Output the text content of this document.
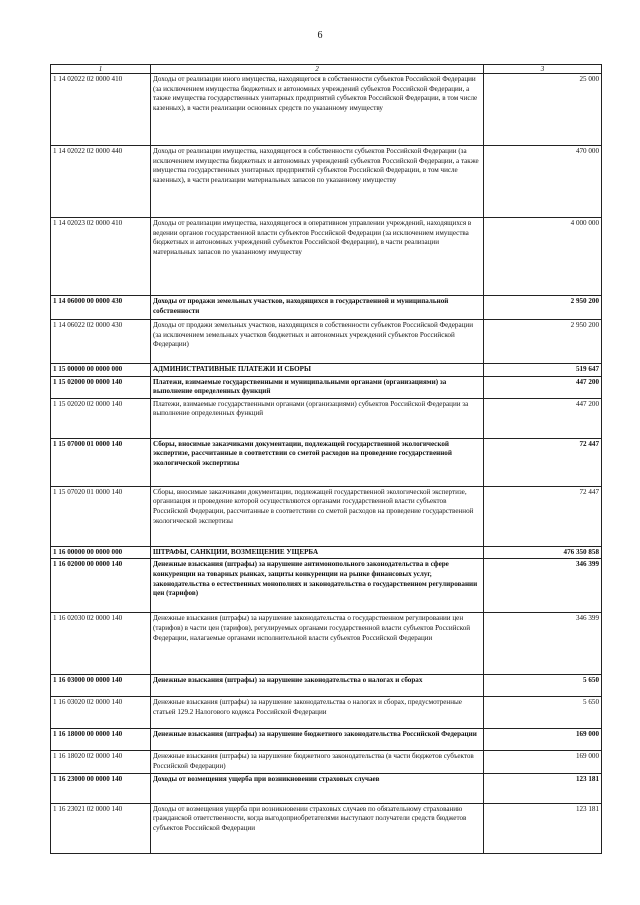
6
1	2	3
1 14 02022 02 0000 410	Доходы от реализации иного имущества, находящегося в собственности субъектов Российской Федерации (за исключением имущества бюджетных и автономных учреждений субъектов Российской Федерации, а также имущества государственных унитарных предприятий субъектов Российской Федерации, в том числе казенных), в части реализации основных средств по указанному имуществу	25 000
1 14 02022 02 0000 440	Доходы от реализации имущества, находящегося в собственности субъектов Российской Федерации (за исключением имущества бюджетных и автономных учреждений субъектов Российской Федерации, а также имущества государственных унитарных предприятий субъектов Российской Федерации, в том числе казенных), в части реализации материальных запасов по указанному имуществу	470 000
1 14 02023 02 0000 410	Доходы от реализации имущества, находящегося в оперативном управлении учреждений, находящихся в ведении органов государственной власти субъектов Российской Федерации (за исключением имущества бюджетных и автономных учреждений субъектов Российской Федерации), в части реализации материальных запасов по указанному имуществу	4 000 000
1 14 06000 00 0000 430	Доходы от продажи земельных участков, находящихся в государственной и муниципальной собственности	2 950 200
1 14 06022 02 0000 430	Доходы от продажи земельных участков, находящихся в собственности субъектов Российской Федерации (за исключением земельных участков бюджетных и автономных учреждений субъектов Российской Федерации)	2 950 200
1 15 00000 00 0000 000	АДМИНИСТРАТИВНЫЕ ПЛАТЕЖИ И СБОРЫ	519 647
1 15 02000 00 0000 140	Платежи, взимаемые государственными и муниципальными органами (организациями) за выполнение определенных функций	447 200
1 15 02020 02 0000 140	Платежи, взимаемые государственными органами (организациями) субъектов Российской Федерации за выполнение определенных функций	447 200
1 15 07000 01 0000 140	Сборы, вносимые заказчиками документации, подлежащей государственной экологической экспертизе, рассчитанные в соответствии со сметой расходов на проведение государственной экологической экспертизы	72 447
1 15 07020 01 0000 140	Сборы, вносимые заказчиками документации, подлежащей государственной экологической экспертизе, организация и проведение которой осуществляются органами государственной власти субъектов Российской Федерации, рассчитанные в соответствии со сметой расходов на проведение государственной экологической экспертизы	72 447
1 16 00000 00 0000 000	ШТРАФЫ, САНКЦИИ, ВОЗМЕЩЕНИЕ УЩЕРБА	476 350 858
1 16 02000 00 0000 140	Денежные взыскания (штрафы) за нарушение антимонопольного законодательства в сфере конкуренции на товарных рынках, защиты конкуренции на рынке финансовых услуг, законодательства о естественных монополиях и законодательства о государственном регулировании цен (тарифов)	346 399
1 16 02030 02 0000 140	Денежные взыскания (штрафы) за нарушение законодательства о государственном регулировании цен (тарифов) в части цен (тарифов), регулируемых органами государственной власти субъектов Российской Федерации, налагаемые органами исполнительной власти субъектов Российской Федерации	346 399
1 16 03000 00 0000 140	Денежные взыскания (штрафы) за нарушение законодательства о налогах и сборах	5 650
1 16 03020 02 0000 140	Денежные взыскания (штрафы) за нарушение законодательства о налогах и сборах, предусмотренные статьей 129.2 Налогового кодекса Российской Федерации	5 650
1 16 18000 00 0000 140	Денежные взыскания (штрафы) за нарушение бюджетного законодательства Российской Федерации	169 000
1 16 18020 02 0000 140	Денежные взыскания (штрафы) за нарушение бюджетного законодательства (в части бюджетов субъектов Российской Федерации)	169 000
1 16 23000 00 0000 140	Доходы от возмещения ущерба при возникновении страховых случаев	123 181
1 16 23021 02 0000 140	Доходы от возмещения ущерба при возникновении страховых случаев по обязательному страхованию гражданской ответственности, когда выгодоприобретателями выступают получатели средств бюджетов субъектов Российской Федерации	123 181
